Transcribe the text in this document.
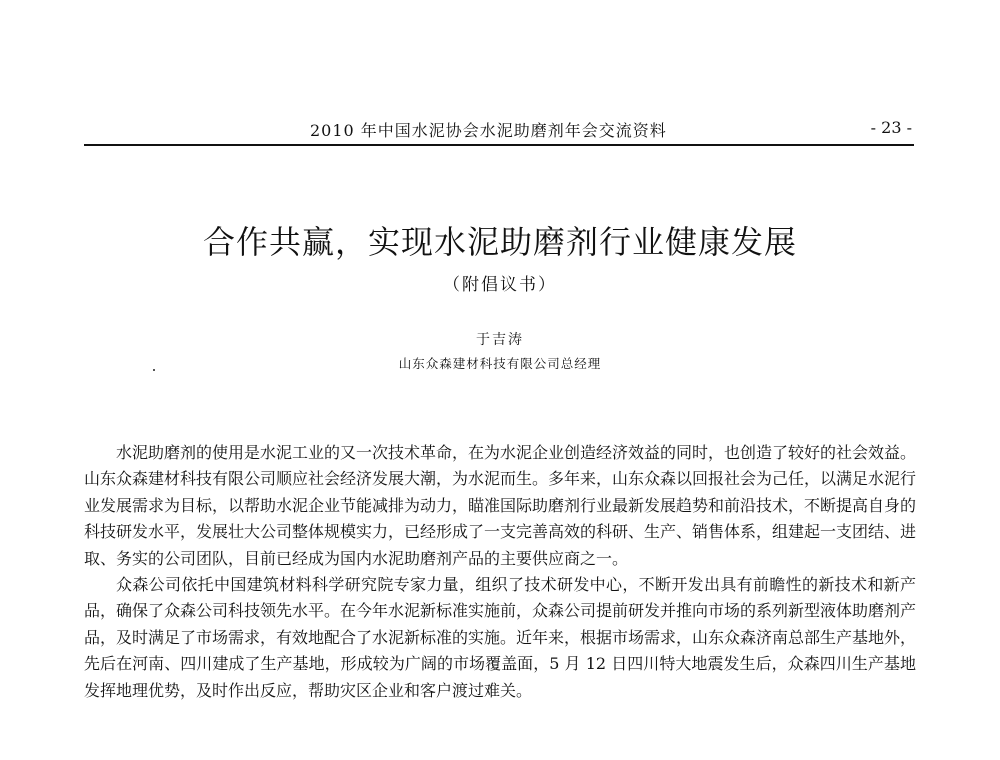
2010 年中国水泥协会水泥助磨剂年会交流资料	- 23 -
合作共赢，实现水泥助磨剂行业健康发展
（附倡议书）
于吉涛
山东众森建材科技有限公司总经理

水泥助磨剂的使用是水泥工业的又一次技术革命，在为水泥企业创造经济效益的同时，也创造了较好的社会效益。山东众森建材科技有限公司顺应社会经济发展大潮，为水泥而生。多年来，山东众森以回报社会为己任，以满足水泥行业发展需求为目标，以帮助水泥企业节能减排为动力，瞄准国际助磨剂行业最新发展趋势和前沿技术，不断提高自身的科技研发水平，发展壮大公司整体规模实力，已经形成了一支完善高效的科研、生产、销售体系，组建起一支团结、进取、务实的公司团队，目前已经成为国内水泥助磨剂产品的主要供应商之一。

众森公司依托中国建筑材料科学研究院专家力量，组织了技术研发中心，不断开发出具有前瞻性的新技术和新产品，确保了众森公司科技领先水平。在今年水泥新标准实施前，众森公司提前研发并推向市场的系列新型液体助磨剂产品，及时满足了市场需求，有效地配合了水泥新标准的实施。近年来，根据市场需求，山东众森济南总部生产基地外，先后在河南、四川建成了生产基地，形成较为广阔的市场覆盖面，5 月 12 日四川特大地震发生后，众森四川生产基地发挥地理优势，及时作出反应，帮助灾区企业和客户渡过难关。
